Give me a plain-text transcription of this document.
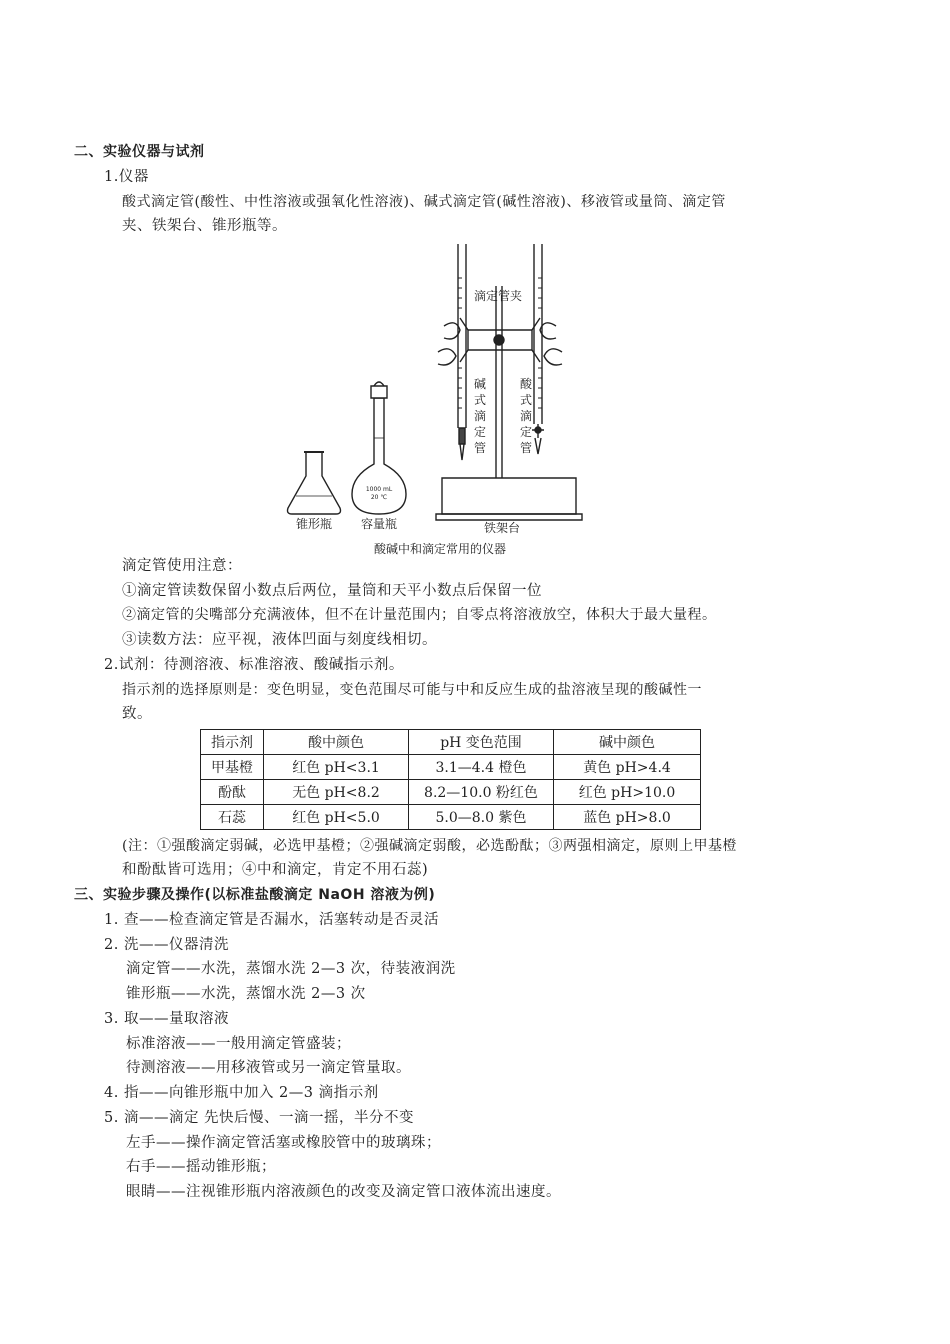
二、实验仪器与试剂
1.仪器
酸式滴定管(酸性、中性溶液或强氧化性溶液)、碱式滴定管(碱性溶液)、移液管或量筒、滴定管
夹、铁架台、锥形瓶等。
1000 mL
20 ℃
滴定管夹
碱
式
滴
定
管
酸
式
滴
定
管
锥形瓶 容量瓶	铁架台
酸碱中和滴定常用的仪器
滴定管使用注意：
①滴定管读数保留小数点后两位，量筒和天平小数点后保留一位
②滴定管的尖嘴部分充满液体，但不在计量范围内；自零点将溶液放空，体积大于最大量程。
③读数方法：应平视，液体凹面与刻度线相切。
2.试剂：待测溶液、标准溶液、酸碱指示剂。
指示剂的选择原则是：变色明显，变色范围尽可能与中和反应生成的盐溶液呈现的酸碱性一
致。
指示剂	酸中颜色	pH 变色范围	碱中颜色
甲基橙	红色 pH<3.1	3.1—4.4 橙色	黄色 pH>4.4
酚酞	无色 pH<8.2	8.2—10.0 粉红色	红色 pH>10.0
石蕊	红色 pH<5.0	5.0—8.0 紫色	蓝色 pH>8.0
(注：①强酸滴定弱碱，必选甲基橙；②强碱滴定弱酸，必选酚酞；③两强相滴定，原则上甲基橙
和酚酞皆可选用；④中和滴定，肯定不用石蕊)
三、实验步骤及操作(以标准盐酸滴定 NaOH 溶液为例)
1. 查——检查滴定管是否漏水，活塞转动是否灵活
2. 洗——仪器清洗
滴定管——水洗，蒸馏水洗 2—3 次，待装液润洗
锥形瓶——水洗，蒸馏水洗 2—3 次
3. 取——量取溶液
标准溶液——一般用滴定管盛装；
待测溶液——用移液管或另一滴定管量取。
4. 指——向锥形瓶中加入 2—3 滴指示剂
5. 滴——滴定 先快后慢、一滴一摇，半分不变
左手——操作滴定管活塞或橡胶管中的玻璃珠；
右手——摇动锥形瓶；
眼睛——注视锥形瓶内溶液颜色的改变及滴定管口液体流出速度。
